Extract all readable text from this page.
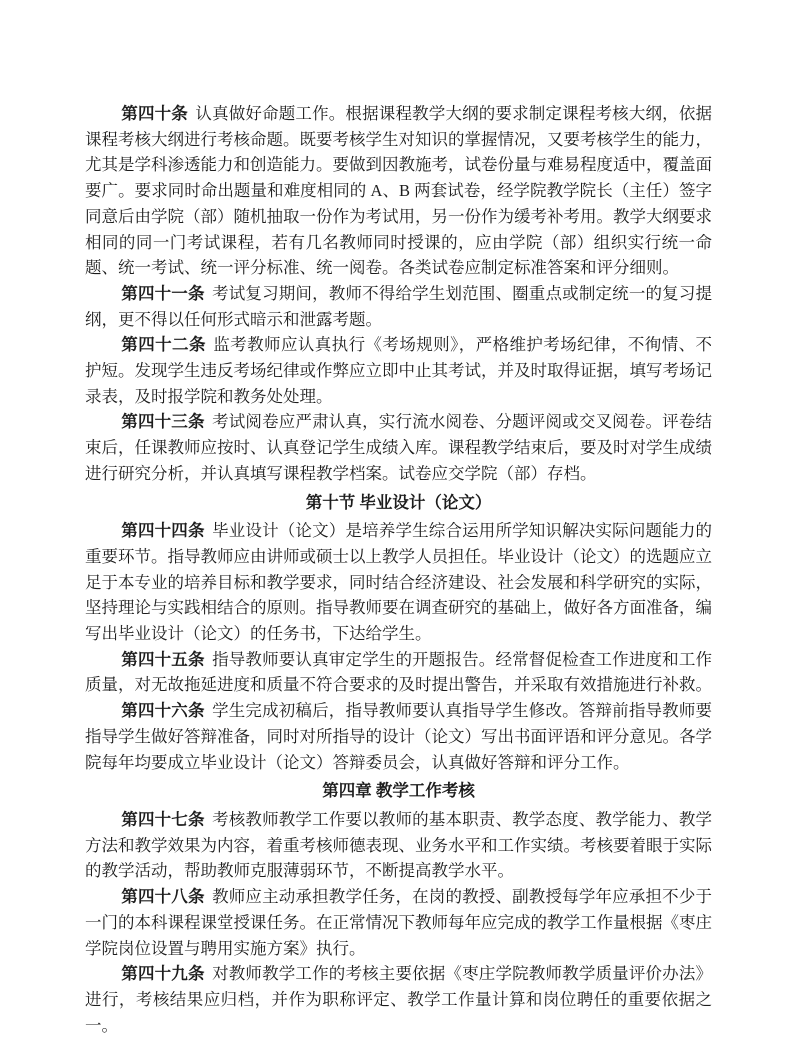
第四十条 认真做好命题工作。根据课程教学大纲的要求制定课程考核大纲，依据课程考核大纲进行考核命题。既要考核学生对知识的掌握情况，又要考核学生的能力，尤其是学科渗透能力和创造能力。要做到因教施考，试卷份量与难易程度适中，覆盖面要广。要求同时命出题量和难度相同的 A、B 两套试卷，经学院教学院长（主任）签字同意后由学院（部）随机抽取一份作为考试用，另一份作为缓考补考用。教学大纲要求相同的同一门考试课程，若有几名教师同时授课的，应由学院（部）组织实行统一命题、统一考试、统一评分标准、统一阅卷。各类试卷应制定标准答案和评分细则。

第四十一条 考试复习期间，教师不得给学生划范围、圈重点或制定统一的复习提纲，更不得以任何形式暗示和泄露考题。

第四十二条 监考教师应认真执行《考场规则》，严格维护考场纪律，不徇情、不护短。发现学生违反考场纪律或作弊应立即中止其考试，并及时取得证据，填写考场记录表，及时报学院和教务处处理。

第四十三条 考试阅卷应严肃认真，实行流水阅卷、分题评阅或交叉阅卷。评卷结束后，任课教师应按时、认真登记学生成绩入库。课程教学结束后，要及时对学生成绩进行研究分析，并认真填写课程教学档案。试卷应交学院（部）存档。

第十节 毕业设计（论文）

第四十四条 毕业设计（论文）是培养学生综合运用所学知识解决实际问题能力的重要环节。指导教师应由讲师或硕士以上教学人员担任。毕业设计（论文）的选题应立足于本专业的培养目标和教学要求，同时结合经济建设、社会发展和科学研究的实际，坚持理论与实践相结合的原则。指导教师要在调查研究的基础上，做好各方面准备，编写出毕业设计（论文）的任务书，下达给学生。

第四十五条 指导教师要认真审定学生的开题报告。经常督促检查工作进度和工作质量，对无故拖延进度和质量不符合要求的及时提出警告，并采取有效措施进行补救。

第四十六条 学生完成初稿后，指导教师要认真指导学生修改。答辩前指导教师要指导学生做好答辩准备，同时对所指导的设计（论文）写出书面评语和评分意见。各学院每年均要成立毕业设计（论文）答辩委员会，认真做好答辩和评分工作。

第四章 教学工作考核

第四十七条 考核教师教学工作要以教师的基本职责、教学态度、教学能力、教学方法和教学效果为内容，着重考核师德表现、业务水平和工作实绩。考核要着眼于实际的教学活动，帮助教师克服薄弱环节，不断提高教学水平。

第四十八条 教师应主动承担教学任务，在岗的教授、副教授每学年应承担不少于一门的本科课程课堂授课任务。在正常情况下教师每年应完成的教学工作量根据《枣庄学院岗位设置与聘用实施方案》执行。

第四十九条 对教师教学工作的考核主要依据《枣庄学院教师教学质量评价办法》进行，考核结果应归档，并作为职称评定、教学工作量计算和岗位聘任的重要依据之一。
